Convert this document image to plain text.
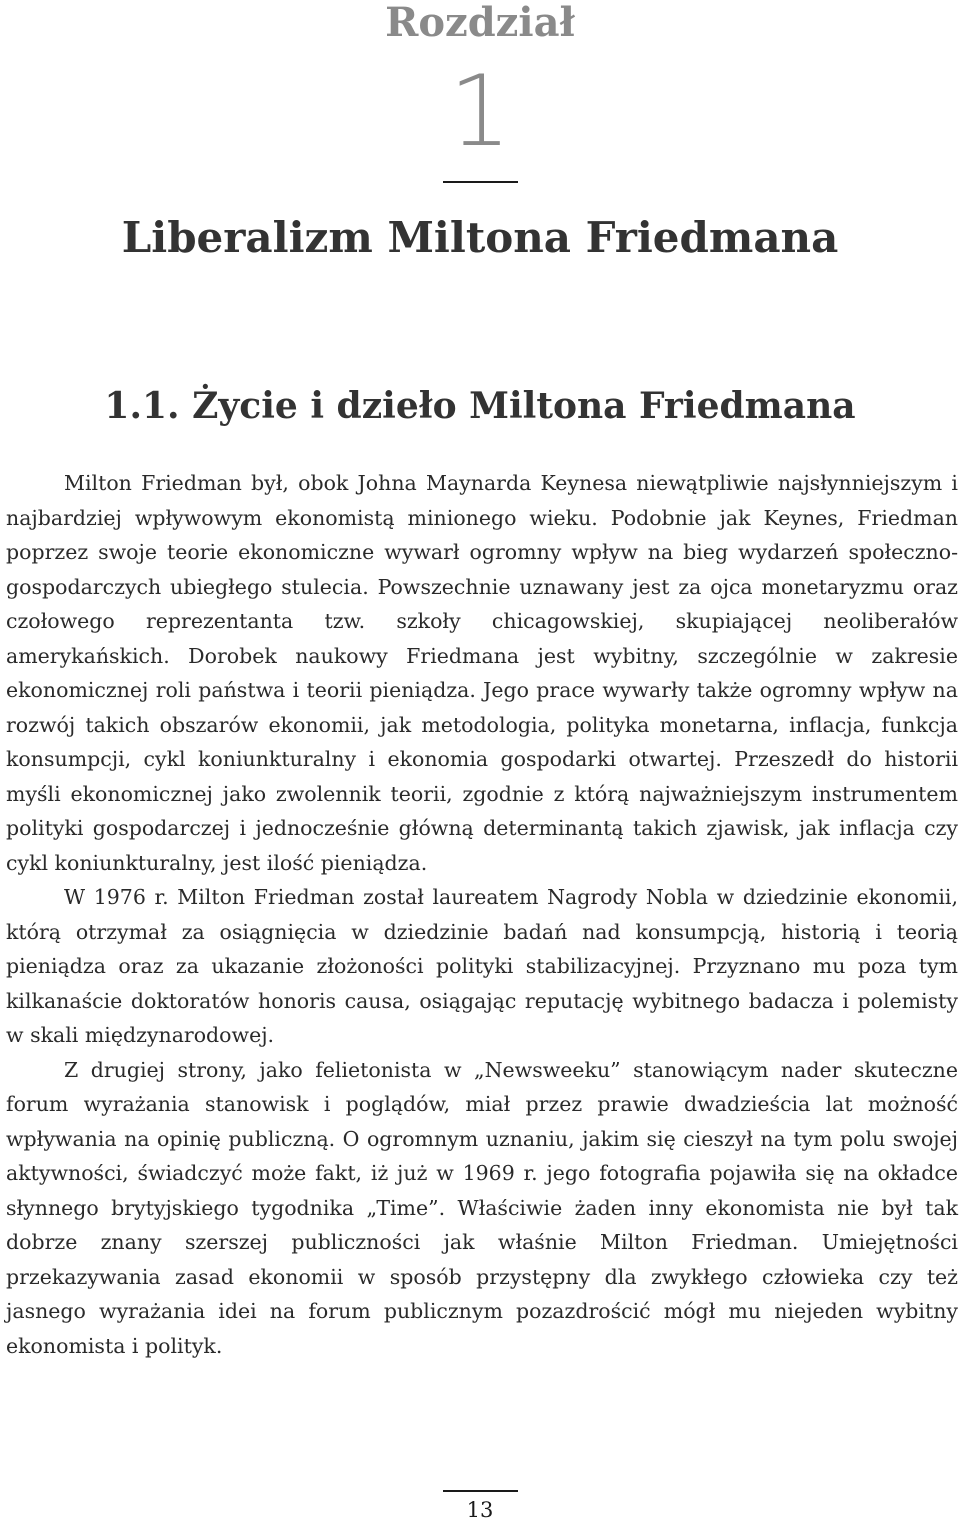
Rozdział
1
Liberalizm Miltona Friedmana
1.1. Życie i dzieło Miltona Friedmana

Milton Friedman był, obok Johna Maynarda Keynesa niewątpliwie najsłynniejszym i najbardziej wpływowym ekonomistą minionego wieku. Podobnie jak Keynes, Friedman poprzez swoje teorie ekonomiczne wywarł ogromny wpływ na bieg wydarzeń społeczno-gospodarczych ubiegłego stulecia. Powszechnie uznawany jest za ojca monetaryzmu oraz czołowego reprezentanta tzw. szkoły chicagowskiej, skupiającej neoliberałów amerykańskich. Dorobek naukowy Friedmana jest wybitny, szczególnie w zakresie ekonomicznej roli państwa i teorii pieniądza. Jego prace wywarły także ogromny wpływ na rozwój takich obszarów ekonomii, jak metodologia, polityka monetarna, inflacja, funkcja konsumpcji, cykl koniunkturalny i ekonomia gospodarki otwartej. Przeszedł do historii myśli ekonomicznej jako zwolennik teorii, zgodnie z którą najważniejszym instrumentem polityki gospodarczej i jednocześnie główną determinantą takich zjawisk, jak inflacja czy cykl koniunkturalny, jest ilość pieniądza.

W 1976 r. Milton Friedman został laureatem Nagrody Nobla w dziedzinie ekonomii, którą otrzymał za osiągnięcia w dziedzinie badań nad konsumpcją, historią i teorią pieniądza oraz za ukazanie złożoności polityki stabilizacyjnej. Przyznano mu poza tym kilkanaście doktoratów honoris causa, osiągając reputację wybitnego badacza i polemisty w skali międzynarodowej.

Z drugiej strony, jako felietonista w „Newsweeku” stanowiącym nader skuteczne forum wyrażania stanowisk i poglądów, miał przez prawie dwadzieścia lat możność wpływania na opinię publiczną. O ogromnym uznaniu, jakim się cieszył na tym polu swojej aktywności, świadczyć może fakt, iż już w 1969 r. jego fotografia pojawiła się na okładce słynnego brytyjskiego tygodnika „Time”. Właściwie żaden inny ekonomista nie był tak dobrze znany szerszej publiczności jak właśnie Milton Friedman. Umiejętności przekazywania zasad ekonomii w sposób przystępny dla zwykłego człowieka czy też jasnego wyrażania idei na forum publicznym pozazdrościć mógł mu niejeden wybitny ekonomista i polityk.

13
